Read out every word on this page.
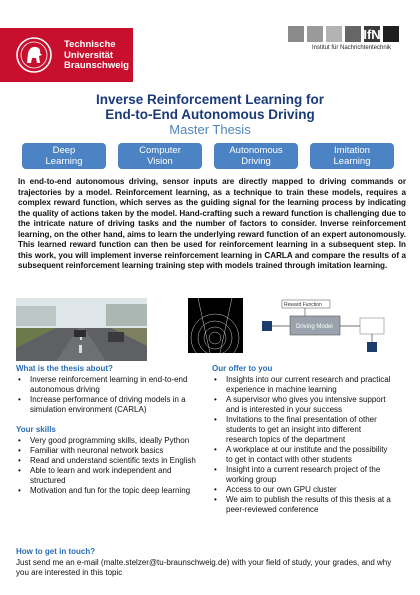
Technische
Universität
Braunschweig
IfN
Institut für Nachrichtentechnik
Inverse Reinforcement Learning for
End-to-End Autonomous Driving
Master Thesis
Deep
Learning
Computer
Vision
Autonomous
Driving
Imitation
Learning
In end-to-end autonomous driving, sensor inputs are directly mapped to driving commands or trajectories by a model. Reinforcement learning, as a technique to train these models, requires a complex reward function, which serves as the guiding signal for the learning process by indicating the quality of actions taken by the model. Hand-crafting such a reward function is challenging due to the intricate nature of driving tasks and the number of factors to consider. Inverse reinforcement learning, on the other hand, aims to learn the underlying reward function of an expert autonomously. This learned reward function can then be used for reinforcement learning in a subsequent step. In this work, you will implement inverse reinforcement learning in CARLA and compare the results of a subsequent reinforcement learning training step with models trained through imitation learning.
Reward Function
Driving Model
What is the thesis about?
• Inverse reinforcement learning in end-to-end autonomous driving
• Increase performance of driving models in a simulation environment (CARLA)
Your skills
• Very good programming skills, ideally Python
• Familiar with neuronal network basics
• Read and understand scientific texts in English
• Able to learn and work independent and structured
• Motivation and fun for the topic deep learning
Our offer to you
• Insights into our current research and practical experience in machine learning
• A supervisor who gives you intensive support and is interested in your success
• Invitations to the final presentation of other students to get an insight into different research topics of the department
• A workplace at our institute and the possibility to get in contact with other students
• Insight into a current research project of the working group
• Access to our own GPU cluster
• We aim to publish the results of this thesis at a peer-reviewed conference
How to get in touch?
Just send me an e-mail (malte.stelzer@tu-braunschweig.de) with your field of study, your grades, and why you are interested in this topic
